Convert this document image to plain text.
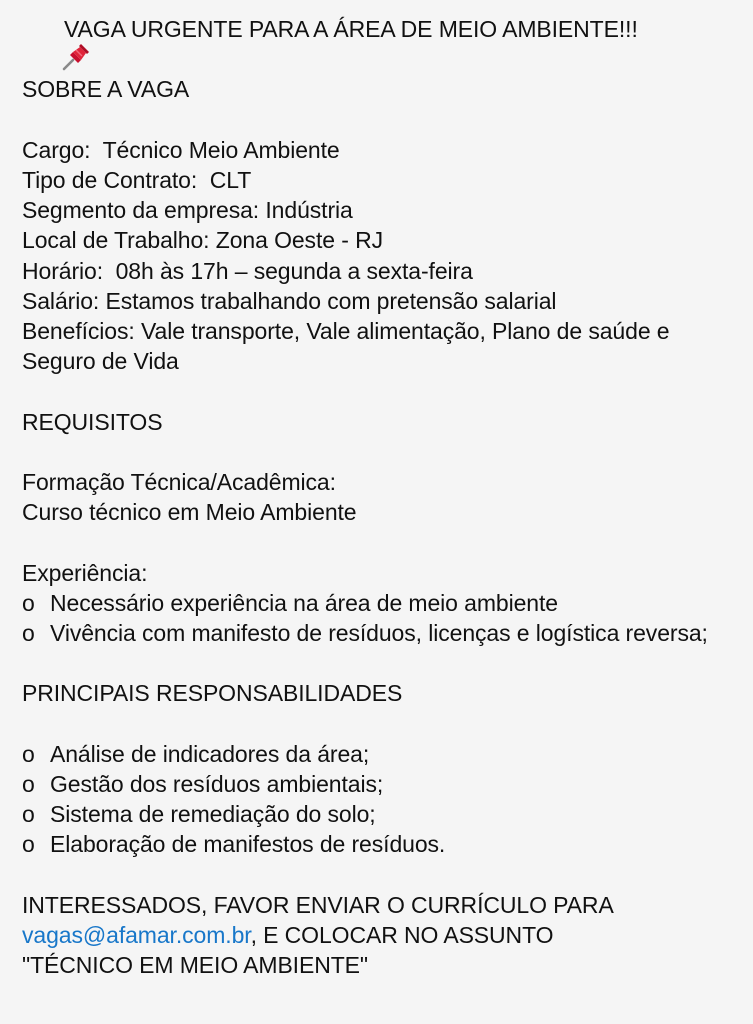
VAGA URGENTE PARA A ÁREA DE MEIO AMBIENTE!!!
SOBRE A VAGA
Cargo: Técnico Meio Ambiente
Tipo de Contrato: CLT
Segmento da empresa: Indústria
Local de Trabalho: Zona Oeste - RJ
Horário: 08h às 17h – segunda a sexta-feira
Salário: Estamos trabalhando com pretensão salarial
Benefícios: Vale transporte, Vale alimentação, Plano de saúde e Seguro de Vida
REQUISITOS
Formação Técnica/Acadêmica:
Curso técnico em Meio Ambiente
Experiência:
o Necessário experiência na área de meio ambiente
o Vivência com manifesto de resíduos, licenças e logística reversa;
PRINCIPAIS RESPONSABILIDADES
o Análise de indicadores da área;
o Gestão dos resíduos ambientais;
o Sistema de remediação do solo;
o Elaboração de manifestos de resíduos.
INTERESSADOS, FAVOR ENVIAR O CURRÍCULO PARA
vagas@afamar.com.br, E COLOCAR NO ASSUNTO
"TÉCNICO EM MEIO AMBIENTE"
